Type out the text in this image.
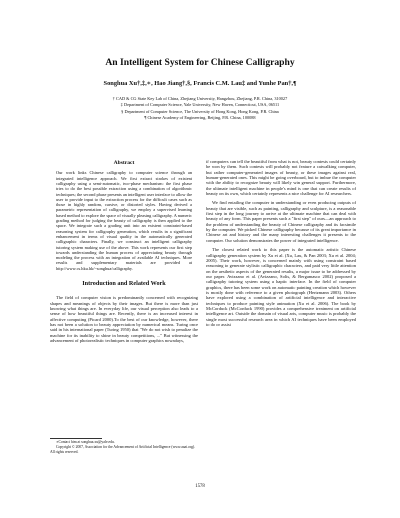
An Intelligent System for Chinese Calligraphy
Songhua Xu†,‡,∗, Hao Jiang†,§, Francis C.M. Lau‡ and Yunhe Pan†,¶
† CAD & CG State Key Lab of China, Zhejiang University, Hangzhou, Zhejiang, P.R. China, 310027
‡ Department of Computer Science, Yale University, New Haven, Connecticut, USA, 06511
§ Department of Computer Science, The University of Hong Kong, Hong Kong, P.R. China
¶ Chinese Academy of Engineering, Beijing, P.R. China, 100088
Abstract
Our work links Chinese calligraphy to computer science through an integrated intelligence approach. We first extract strokes of existent calligraphy using a semi-automatic, two-phase mechanism: the first phase tries to do the best possible extraction using a combination of algorithmic techniques; the second phase presents an intelligent user interface to allow the user to provide input to the extraction process for the difficult cases such as those in highly random, cursive, or distorted styles. Having derived a parametric representation of calligraphy, we employ a supervised learning based method to explore the space of visually pleasing calligraphy. A numeric grading method for judging the beauty of calligraphy is then applied to the space. We integrate such a grading unit into an existent constraint-based reasoning system for calligraphy generation, which results in a significant enhancement in terms of visual quality in the automatically generated calligraphic characters. Finally, we construct an intelligent calligraphy tutoring system making use of the above. This work represents our first step towards understanding the human process of appreciating beauty through modeling the process with an integration of available AI techniques. More results and supplementary materials are provided at http://www.cs.hku.hk/~songhua/calligraphy.
Introduction and Related Work
The field of computer vision is predominantly concerned with recognizing shapes and meanings of objects by their images. But there is more than just knowing what things are. In everyday life, our visual perception also leads to a sense of how beautiful things are. Recently, there is an increased interest in affective computing (Picard 2000).To the best of our knowledge, however, there has not been a solution to beauty appreciation by numerical means. Turing once said in his international paper (Turing 1950) that "We do not wish to penalize the machine for its inability to shine in beauty competitions, ..." But witnessing the advancement of photorealistic techniques in computer graphics nowadays,
∗Contact him at songhua.xu@yale.edu.
Copyright © 2007, Association for the Advancement of Artificial Intelligence (www.aaai.org). All rights reserved.
if computers can tell the beautiful from what is not, beauty contests could certainly be won by them. Such contests will probably not feature a catwalking computer, but rather computer-generated images of beauty, or these images against real, human-generated ones. This might be going overboard, but to imbue the computer with the ability to recognize beauty will likely win general support. Furthermore, the ultimate intelligent machine in people's mind is one that can create results of beauty on its own, which certainly represents a nice challenge for AI researchers.
We find entailing the computer in understanding or even producing outputs of beauty that are visible, such as painting, calligraphy and sculpture, is a reasonable first step in the long journey to arrive at the ultimate machine that can deal with beauty of any form. This paper presents such a "first step" of ours—an approach to the problem of understanding the beauty of Chinese calligraphy and its facsimile by the computer. We picked Chinese calligraphy because of its great importance in Chinese art and history and the many interesting challenges it presents to the computer. Our solution demonstrates the power of integrated intelligence.
The closest related work to this paper is the automatic artistic Chinese calligraphy generation system by Xu et al. (Xu, Lau, & Pan 2003; Xu et al. 2004; 2005). Their work, however, is concerned mainly with using constraint based reasoning to generate stylistic calligraphic characters, and paid very little attention on the aesthetic aspects of the generated results, a major issue to be addressed by our paper. Avizzano et al. (Avizzano, Solis, & Bergamasco 2002) proposed a calligraphy tutoring system using a haptic interface. In the field of computer graphics, there has been some work on automatic painting creation which however is mostly done with reference to a given photograph (Hertzmann 2003). Others have explored using a combination of artificial intelligence and interactive techniques to produce painting style animation (Xu et al. 2006). The book by McCorduck (McCorduck 1990) provides a comprehensive treatment on artificial intelligence art. Outside the domain of visual arts, computer music is probably the single most successful research area in which AI techniques have been employed to do or assist
1578
